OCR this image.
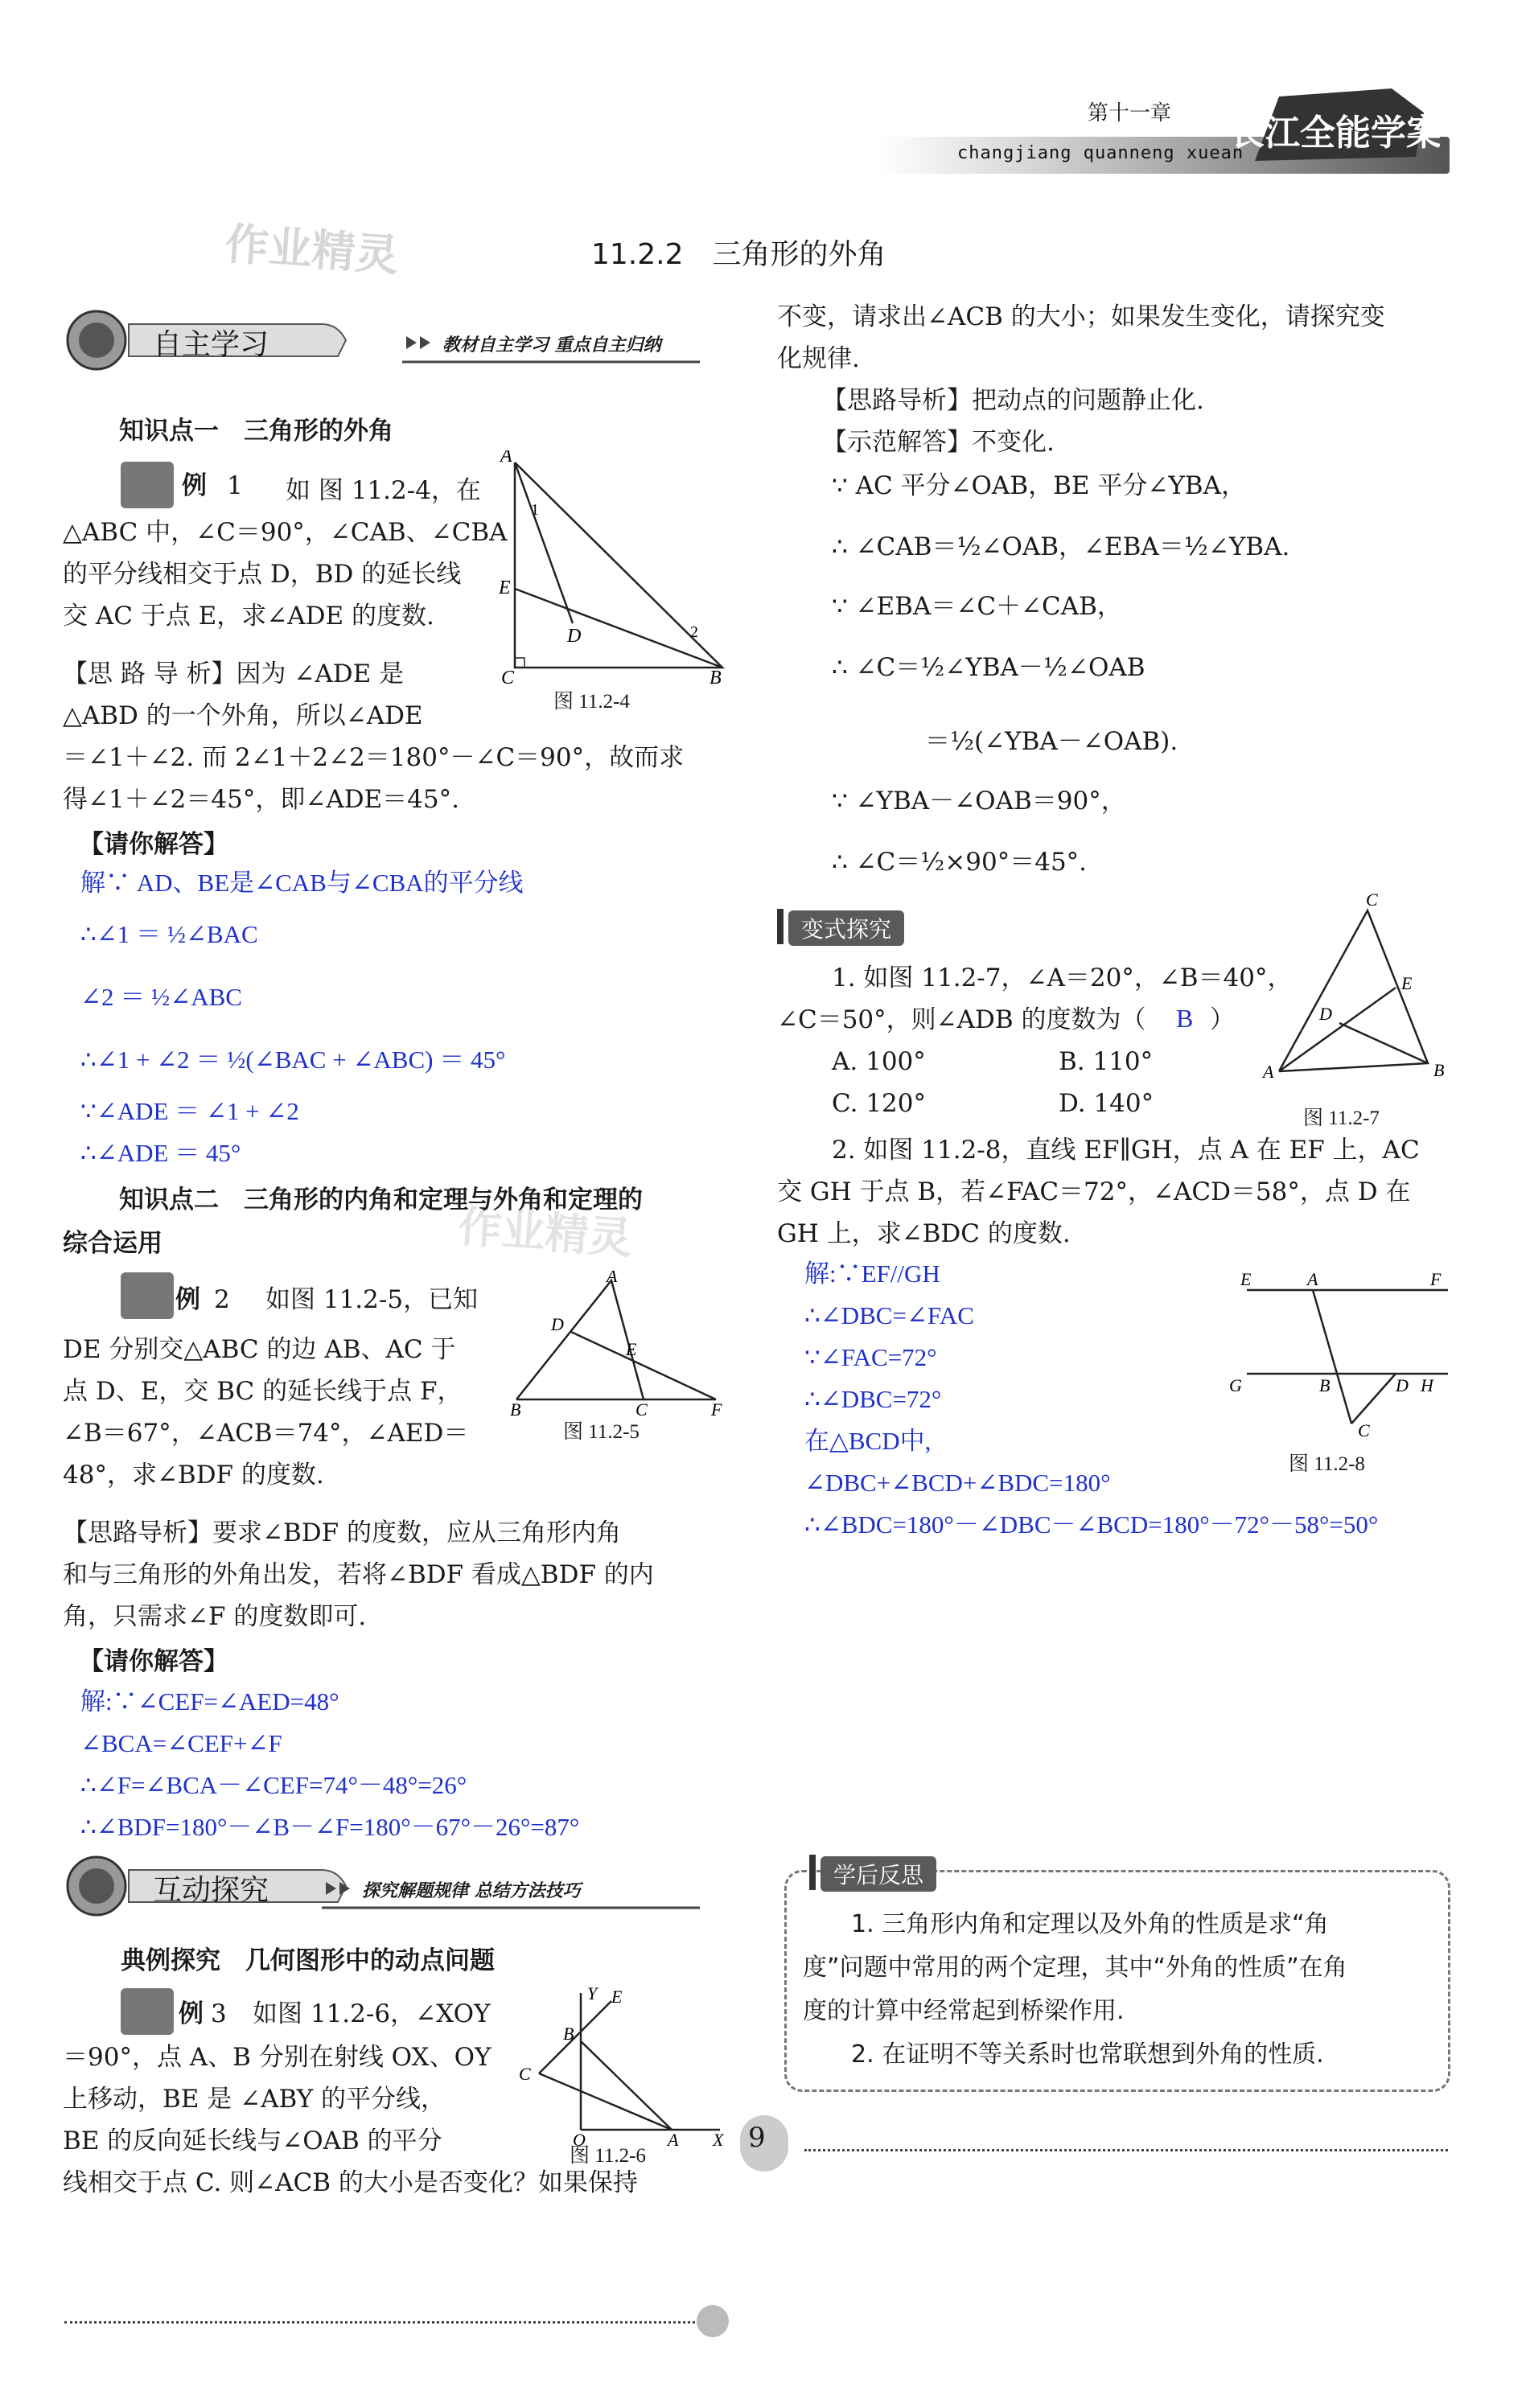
第十一章
changjiang quanneng xuean
长江全能学案
作业精灵
作业精灵
11.2.2　三角形的外角
自主学习	教材自主学习 重点自主归纳
知识点一　三角形的外角
例 1 如 图 11.2-4，在
△ABC 中，∠C＝90°，∠CAB、∠CBA
的平分线相交于点 D，BD 的延长线
交 AC 于点 E，求∠ADE 的度数.
【思 路 导 析】因为 ∠ADE 是
△ABD 的一个外角，所以∠ADE
＝∠1＋∠2. 而 2∠1＋2∠2＝180°－∠C＝90°，故而求
得∠1＋∠2＝45°，即∠ADE＝45°.
A
E
D
C	B
1
2
图 11.2-4
【请你解答】
解∵ AD、BE是∠CAB与∠CBA的平分线
∴∠1 ＝ ½∠BAC
∠2 ＝ ½∠ABC
∴∠1 + ∠2 ＝ ½(∠BAC + ∠ABC) ＝ 45°
∵∠ADE ＝ ∠1 + ∠2
∴∠ADE ＝ 45°
知识点二　三角形的内角和定理与外角和定理的
综合运用
例 2 如图 11.2-5，已知
DE 分别交△ABC 的边 AB、AC 于
点 D、E，交 BC 的延长线于点 F，
∠B＝67°，∠ACB＝74°，∠AED＝
48°，求∠BDF 的度数.
【思路导析】要求∠BDF 的度数，应从三角形内角
和与三角形的外角出发，若将∠BDF 看成△BDF 的内
角，只需求∠F 的度数即可.
A
D
E
B	C	F
图 11.2-5
【请你解答】
解:∵∠CEF=∠AED=48°
∠BCA=∠CEF+∠F
∴∠F=∠BCA－∠CEF=74°－48°=26°
∴∠BDF=180°－∠B－∠F=180°－67°－26°=87°
互动探究	探究解题规律 总结方法技巧
典例探究　几何图形中的动点问题
例 3 如图 11.2-6，∠XOY
＝90°，点 A、B 分别在射线 OX、OY
上移动，BE 是 ∠ABY 的平分线，
BE 的反向延长线与∠OAB 的平分
线相交于点 C. 则∠ACB 的大小是否变化？如果保持
Y E
B
C
O	A X
图 11.2-6
不变，请求出∠ACB 的大小；如果发生变化，请探究变
化规律.
【思路导析】把动点的问题静止化.
【示范解答】不变化.
∵ AC 平分∠OAB，BE 平分∠YBA，
∴ ∠CAB＝½∠OAB，∠EBA＝½∠YBA.
∵ ∠EBA＝∠C＋∠CAB，
∴ ∠C＝½∠YBA－½∠OAB
＝½(∠YBA－∠OAB).
∵ ∠YBA－∠OAB＝90°，
∴ ∠C＝½×90°＝45°.
变式探究
1. 如图 11.2-7，∠A＝20°，∠B＝40°，
∠C＝50°，则∠ADB 的度数为（ B ）
A. 100°	B. 110°
C. 120°	D. 140°
C
E
D
A	B
图 11.2-7
2. 如图 11.2-8，直线 EF∥GH，点 A 在 EF 上，AC
交 GH 于点 B，若∠FAC＝72°，∠ACD＝58°，点 D 在
GH 上，求∠BDC 的度数.
解:∵EF//GH
∴∠DBC=∠FAC
∵∠FAC=72°
∴∠DBC=72°
在△BCD中,
∠DBC+∠BCD+∠BDC=180°
∴∠BDC=180°－∠DBC－∠BCD=180°－72°－58°=50°
E	A	F
G	B	D H
C
图 11.2-8
学后反思
1. 三角形内角和定理以及外角的性质是求“角
度”问题中常用的两个定理，其中“外角的性质”在角
度的计算中经常起到桥梁作用.
2. 在证明不等关系时也常联想到外角的性质.
9
